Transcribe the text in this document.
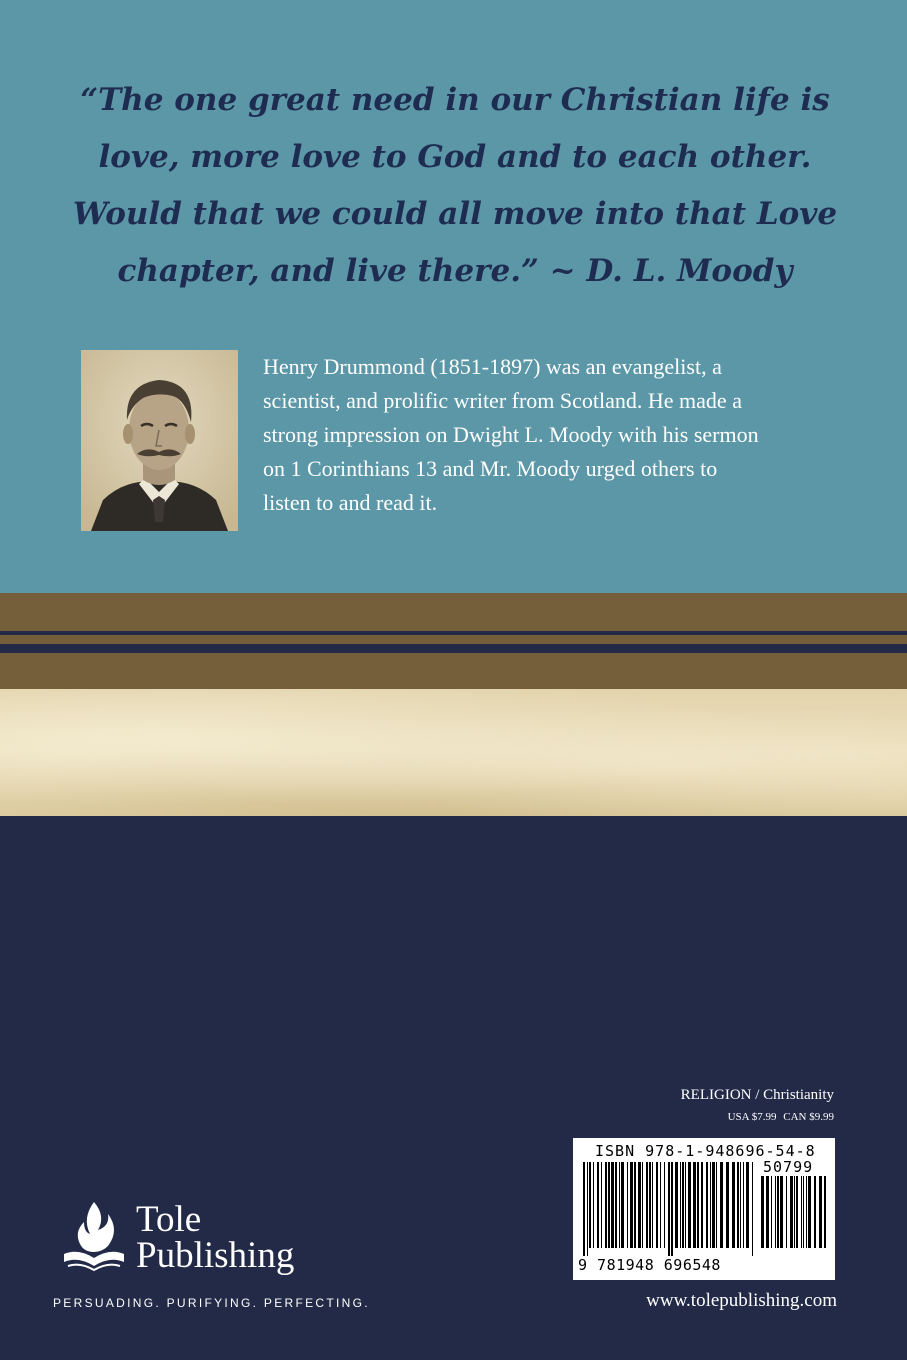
“The one great need in our Christian life is
love, more love to God and to each other.
Would that we could all move into that Love
chapter, and live there.” ~ D. L. Moody

Henry Drummond (1851-1897) was an evangelist, a
scientist, and prolific writer from Scotland. He made a
strong impression on Dwight L. Moody with his sermon
on 1 Corinthians 13 and Mr. Moody urged others to
listen to and read it.

RELIGION / Christianity

USA $7.99 CAN $9.99

ISBN 978-1-948696-54-8
50799
9 781948 696548

Tole

Publishing

PERSUADING. PURIFYING. PERFECTING.	www.tolepublishing.com
